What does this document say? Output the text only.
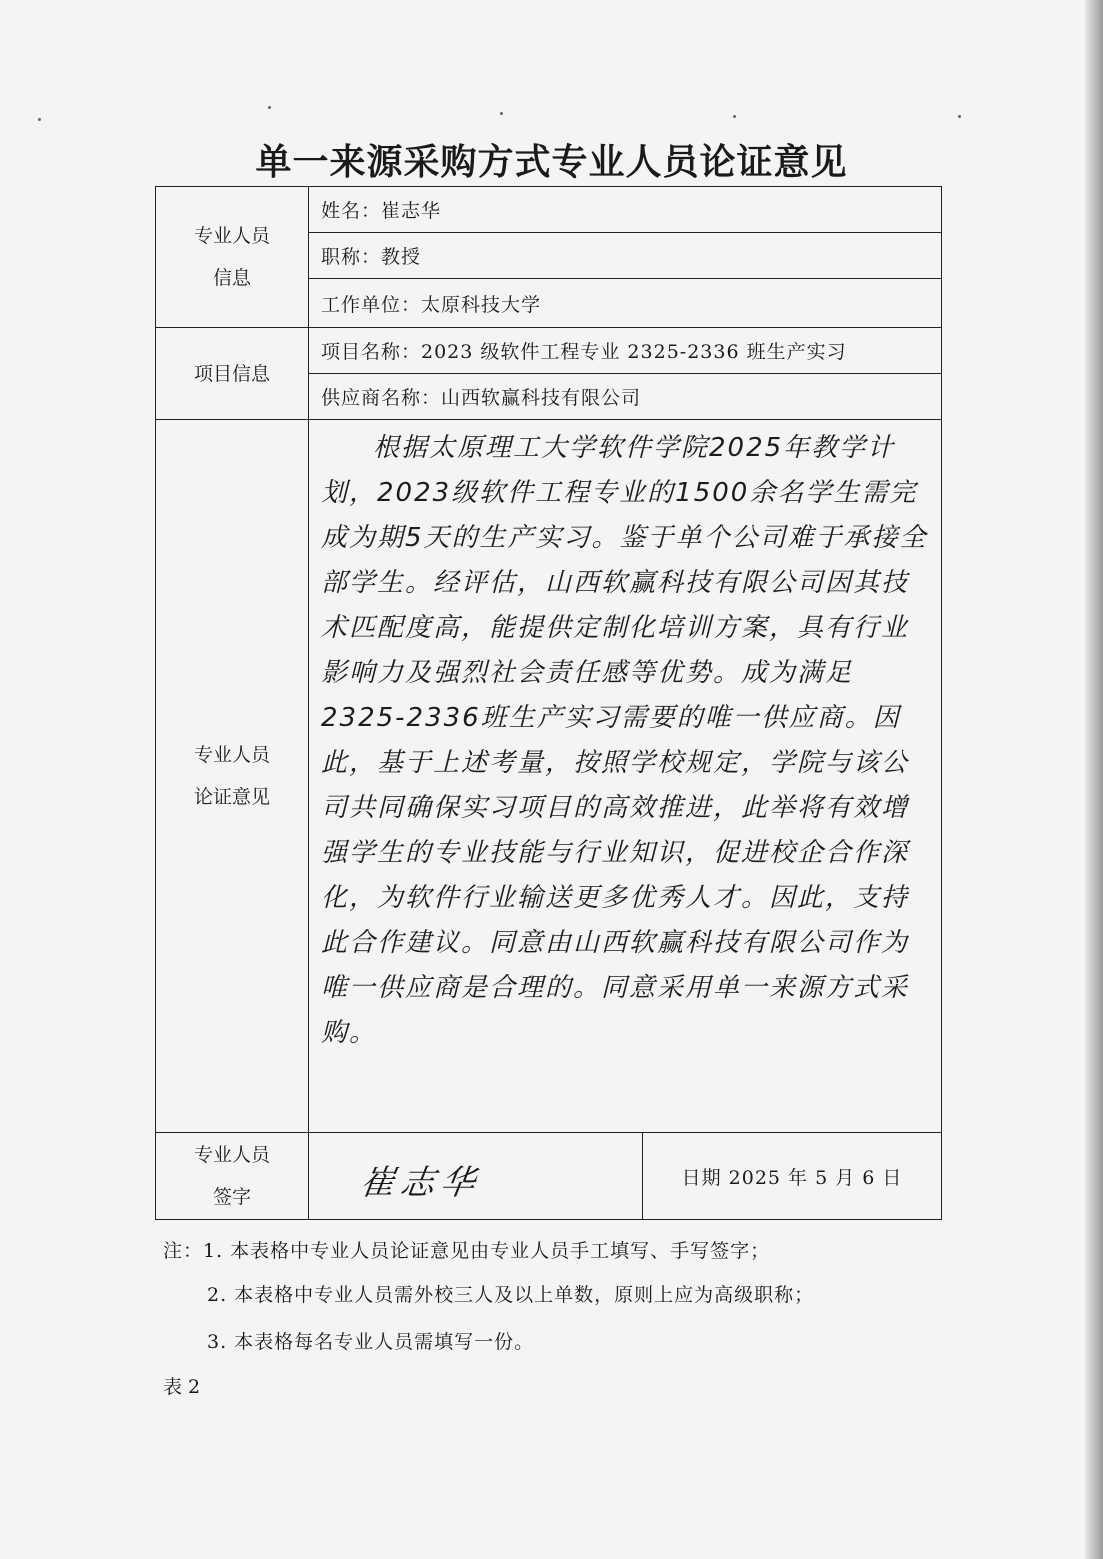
单一来源采购方式专业人员论证意见
专业人员
信息	姓名：崔志华	
	职称：教授	
	工作单位：太原科技大学	
项目信息	项目名称：2023 级软件工程专业 2325-2336 班生产实习	
	供应商名称：山西软赢科技有限公司	

专业人员
论证意见	根据太原理工大学软件学院2025年教学计划，2023级软件工程专业的1500余名学生需完成为期5天的生产实习。鉴于单个公司难于承接全部学生。经评估，山西软赢科技有限公司因其技术匹配度高，能提供定制化培训方案，具有行业影响力及强烈社会责任感等优势。成为满足2325-2336班生产实习需要的唯一供应商。因此，基于上述考量，按照学校规定，学院与该公司共同确保实习项目的高效推进，此举将有效增强学生的专业技能与行业知识，促进校企合作深化，为软件行业输送更多优秀人才。因此，支持此合作建议。同意由山西软赢科技有限公司作为唯一供应商是合理的。同意采用单一来源方式采购。	

专业人员
签字	崔志华	日期 2025 年 5 月 6 日
注：1. 本表格中专业人员论证意见由专业人员手工填写、手写签字；
2. 本表格中专业人员需外校三人及以上单数，原则上应为高级职称；
3. 本表格每名专业人员需填写一份。
表 2
